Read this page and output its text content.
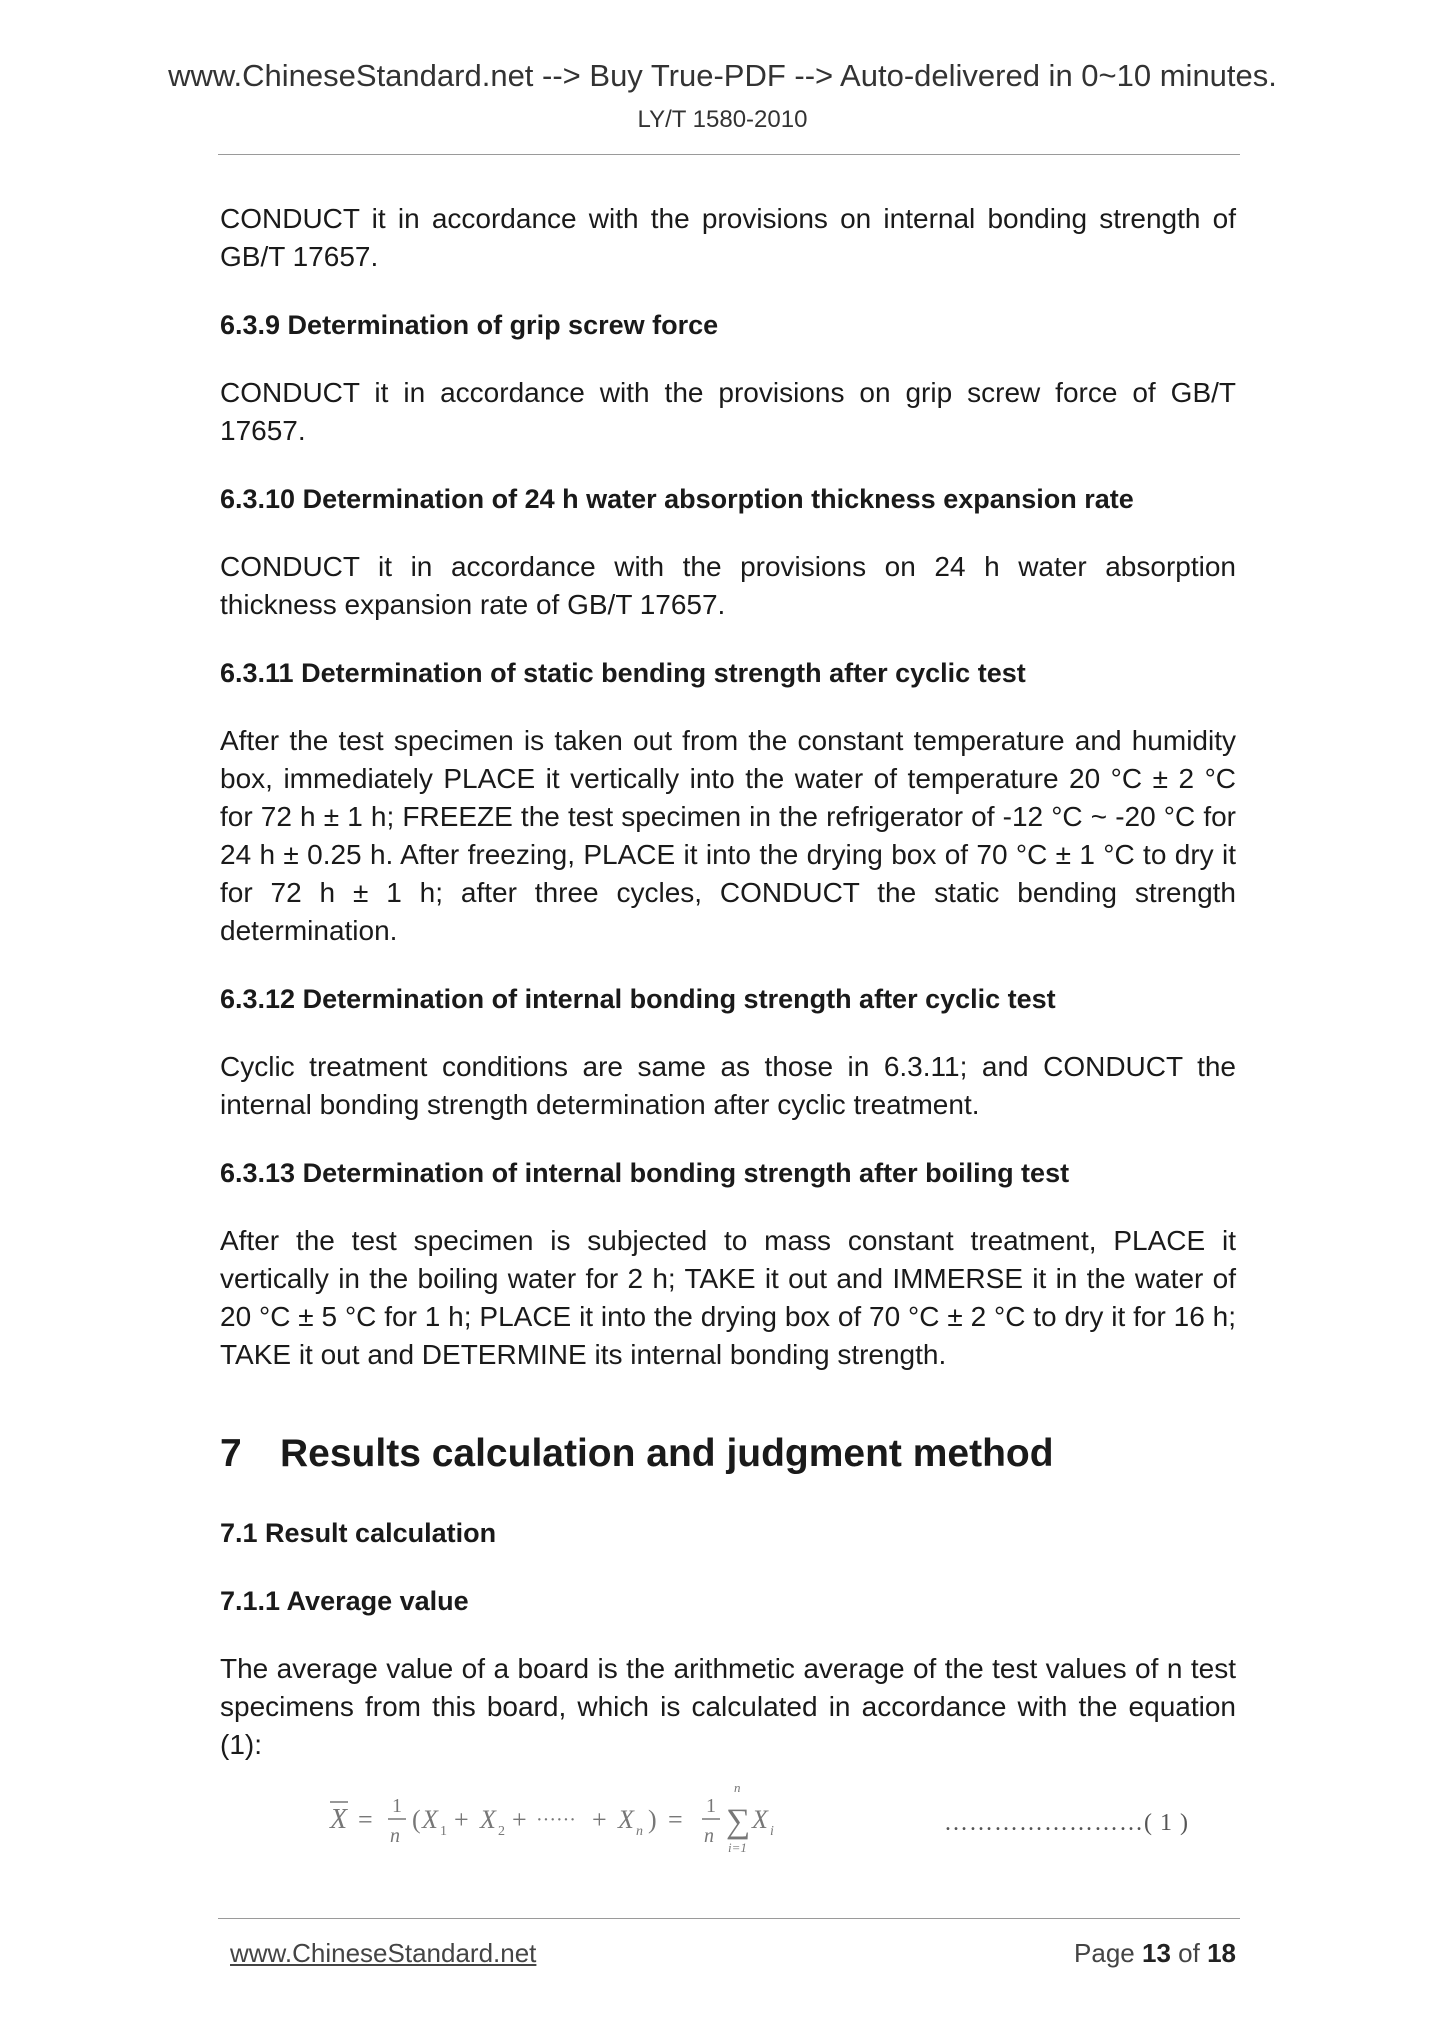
www.ChineseStandard.net --> Buy True-PDF --> Auto-delivered in 0~10 minutes.
LY/T 1580-2010

CONDUCT it in accordance with the provisions on internal bonding strength of GB/T 17657.

6.3.9 Determination of grip screw force

CONDUCT it in accordance with the provisions on grip screw force of GB/T 17657.

6.3.10 Determination of 24 h water absorption thickness expansion rate

CONDUCT it in accordance with the provisions on 24 h water absorption thickness expansion rate of GB/T 17657.

6.3.11 Determination of static bending strength after cyclic test

After the test specimen is taken out from the constant temperature and humidity box, immediately PLACE it vertically into the water of temperature 20 °C ± 2 °C for 72 h ± 1 h; FREEZE the test specimen in the refrigerator of -12 °C ~ -20 °C for 24 h ± 0.25 h. After freezing, PLACE it into the drying box of 70 °C ± 1 °C to dry it for 72 h ± 1 h; after three cycles, CONDUCT the static bending strength determination.

6.3.12 Determination of internal bonding strength after cyclic test

Cyclic treatment conditions are same as those in 6.3.11; and CONDUCT the internal bonding strength determination after cyclic treatment.

6.3.13 Determination of internal bonding strength after boiling test

After the test specimen is subjected to mass constant treatment, PLACE it vertically in the boiling water for 2 h; TAKE it out and IMMERSE it in the water of 20 °C ± 5 °C for 1 h; PLACE it into the drying box of 70 °C ± 2 °C to dry it for 16 h; TAKE it out and DETERMINE its internal bonding strength.

7 Results calculation and judgment method
7.1 Result calculation
7.1.1 Average value

The average value of a board is the arithmetic average of the test values of n test specimens from this board, which is calculated in accordance with the equation (1):

X = 1
n
( X 1 + X 2 + ······ + X n ) = 1
n
n
∑
i=1
X i	……………………( 1 )
www.ChineseStandard.net	Page 13 of 18
